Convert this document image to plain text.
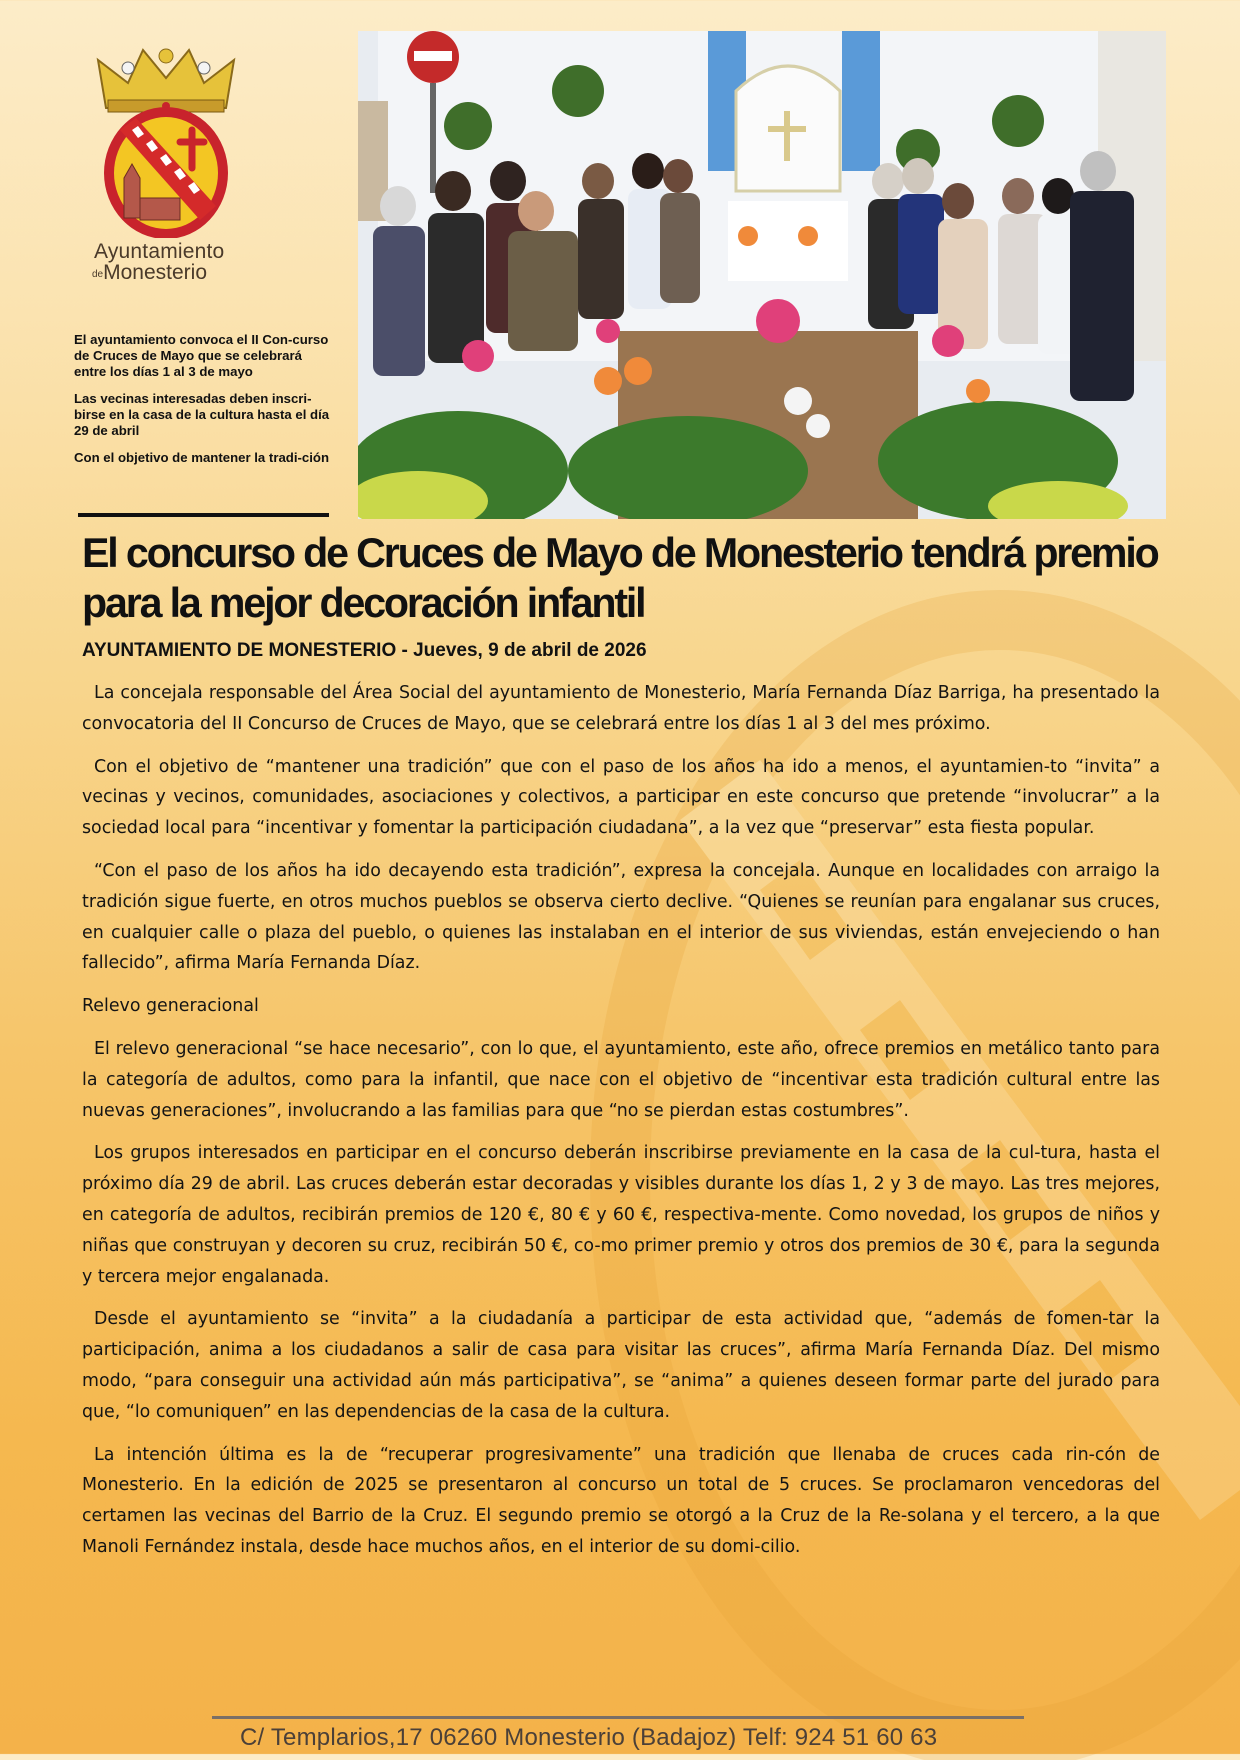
Ayuntamiento
deMonesterio

El ayuntamiento convoca el II Con-curso de Cruces de Mayo que se celebrará entre los días 1 al 3 de mayo

Las vecinas interesadas deben inscri-birse en la casa de la cultura hasta el día 29 de abril

Con el objetivo de mantener la tradi-ción

El concurso de Cruces de Mayo de Monesterio tendrá premio para la mejor decoración infantil
AYUNTAMIENTO DE MONESTERIO - Jueves, 9 de abril de 2026

La concejala responsable del Área Social del ayuntamiento de Monesterio, María Fernanda Díaz Barriga, ha presentado la convocatoria del II Concurso de Cruces de Mayo, que se celebrará entre los días 1 al 3 del mes próximo.

Con el objetivo de “mantener una tradición” que con el paso de los años ha ido a menos, el ayuntamien-to “invita” a vecinas y vecinos, comunidades, asociaciones y colectivos, a participar en este concurso que pretende “involucrar” a la sociedad local para “incentivar y fomentar la participación ciudadana”, a la vez que “preservar” esta fiesta popular.

“Con el paso de los años ha ido decayendo esta tradición”, expresa la concejala. Aunque en localidades con arraigo la tradición sigue fuerte, en otros muchos pueblos se observa cierto declive. “Quienes se reunían para engalanar sus cruces, en cualquier calle o plaza del pueblo, o quienes las instalaban en el interior de sus viviendas, están envejeciendo o han fallecido”, afirma María Fernanda Díaz.

Relevo generacional

El relevo generacional “se hace necesario”, con lo que, el ayuntamiento, este año, ofrece premios en metálico tanto para la categoría de adultos, como para la infantil, que nace con el objetivo de “incentivar esta tradición cultural entre las nuevas generaciones”, involucrando a las familias para que “no se pierdan estas costumbres”.

Los grupos interesados en participar en el concurso deberán inscribirse previamente en la casa de la cul-tura, hasta el próximo día 29 de abril. Las cruces deberán estar decoradas y visibles durante los días 1, 2 y 3 de mayo. Las tres mejores, en categoría de adultos, recibirán premios de 120 €, 80 € y 60 €, respectiva-mente. Como novedad, los grupos de niños y niñas que construyan y decoren su cruz, recibirán 50 €, co-mo primer premio y otros dos premios de 30 €, para la segunda y tercera mejor engalanada.

Desde el ayuntamiento se “invita” a la ciudadanía a participar de esta actividad que, “además de fomen-tar la participación, anima a los ciudadanos a salir de casa para visitar las cruces”, afirma María Fernanda Díaz. Del mismo modo, “para conseguir una actividad aún más participativa”, se “anima” a quienes deseen formar parte del jurado para que, “lo comuniquen” en las dependencias de la casa de la cultura.

La intención última es la de “recuperar progresivamente” una tradición que llenaba de cruces cada rin-cón de Monesterio. En la edición de 2025 se presentaron al concurso un total de 5 cruces. Se proclamaron vencedoras del certamen las vecinas del Barrio de la Cruz. El segundo premio se otorgó a la Cruz de la Re-solana y el tercero, a la que Manoli Fernández instala, desde hace muchos años, en el interior de su domi-cilio.

C/ Templarios,17 06260 Monesterio (Badajoz) Telf: 924 51 60 63
